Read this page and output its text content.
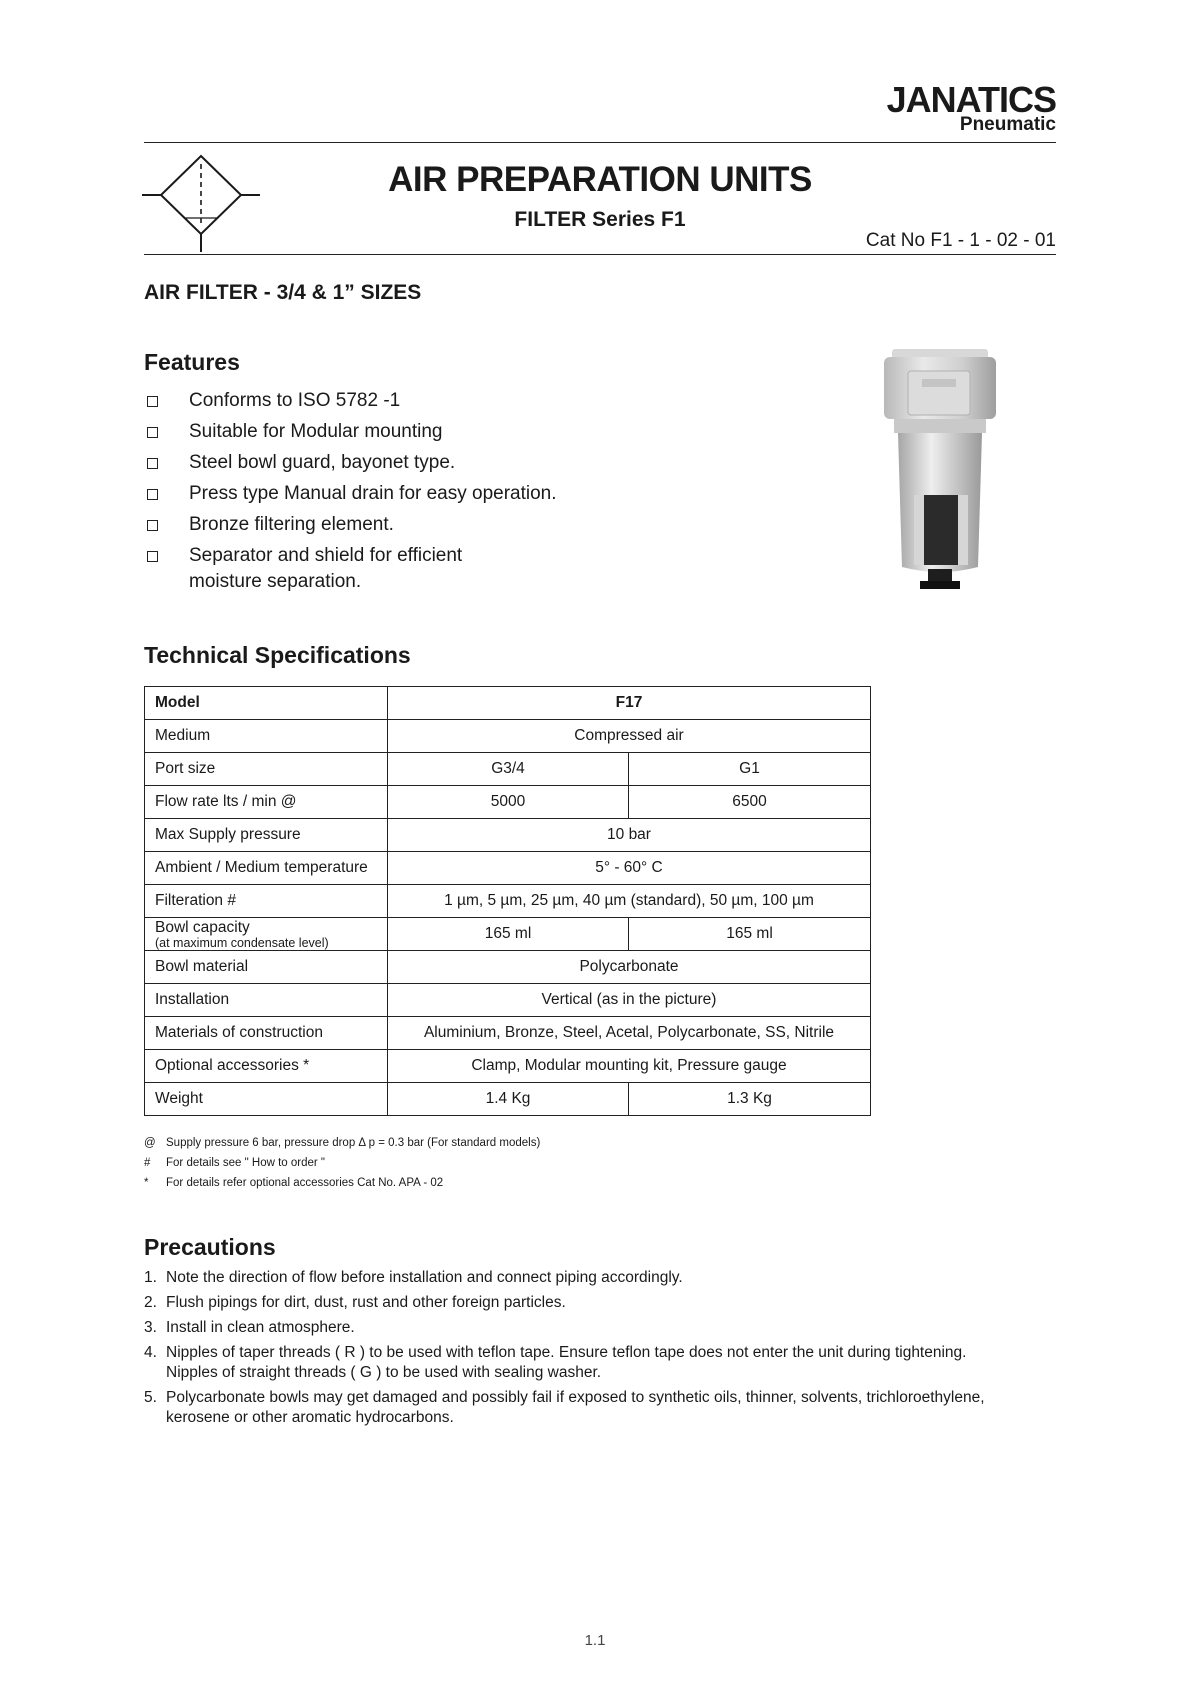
JANATICS
Pneumatic
AIR PREPARATION UNITS
FILTER Series F1
Cat No F1 - 1 - 02 - 01
AIR FILTER - 3/4 & 1” SIZES
Features
Conforms to ISO 5782 -1
Suitable for Modular mounting
Steel bowl guard, bayonet type.
Press type Manual drain for easy operation.
Bronze filtering element.
Separator and shield for efficient
moisture separation.
Technical Specifications
Model	F17	
Medium	Compressed air	
Port size	G3/4	G1
Flow rate lts / min @	5000	6500
Max Supply pressure	10 bar	
Ambient / Medium temperature	5° - 60° C	
Filteration #	1 µm, 5 µm, 25 µm, 40 µm (standard), 50 µm, 100 µm	
Bowl capacity
(at maximum condensate level)	165 ml	165 ml
Bowl material	Polycarbonate	
Installation	Vertical (as in the picture)	
Materials of construction	Aluminium, Bronze, Steel, Acetal, Polycarbonate, SS, Nitrile	
Optional accessories *	Clamp, Modular mounting kit, Pressure gauge	
Weight	1.4 Kg	1.3 Kg
@ Supply pressure 6 bar, pressure drop Δ p = 0.3 bar (For standard models)
# For details see " How to order "
* For details refer optional accessories Cat No. APA - 02
Precautions
1. Note the direction of flow before installation and connect piping accordingly.
2. Flush pipings for dirt, dust, rust and other foreign particles.
3. Install in clean atmosphere.
4. Nipples of taper threads ( R ) to be used with teflon tape. Ensure teflon tape does not enter the unit during tightening.
Nipples of straight threads ( G ) to be used with sealing washer.
5. Polycarbonate bowls may get damaged and possibly fail if exposed to synthetic oils, thinner, solvents, trichloroethylene,
kerosene or other aromatic hydrocarbons.
1.1
